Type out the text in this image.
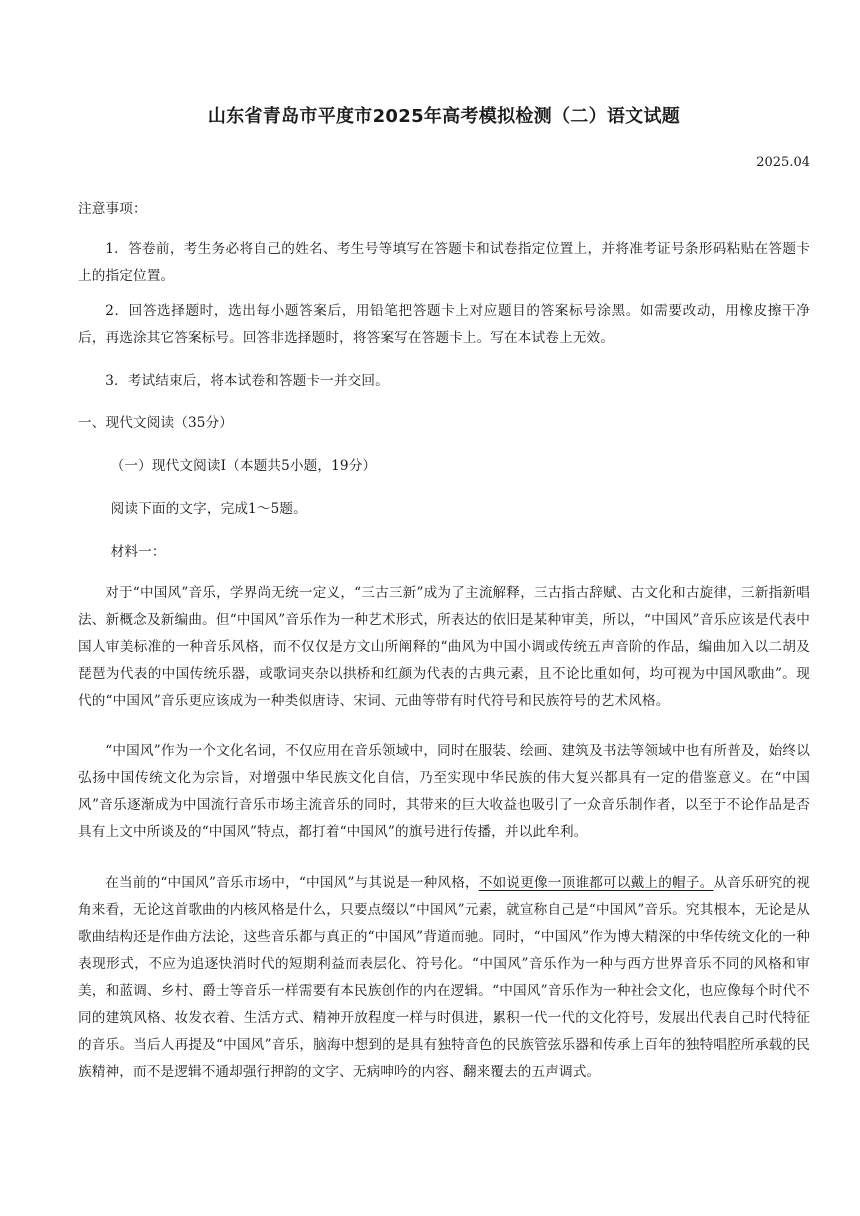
山东省青岛市平度市2025年高考模拟检测（二）语文试题
2025.04
注意事项：
1．答卷前，考生务必将自己的姓名、考生号等填写在答题卡和试卷指定位置上，并将准考证号条形码粘贴在答题卡上的指定位置。
2．回答选择题时，选出每小题答案后，用铅笔把答题卡上对应题目的答案标号涂黑。如需要改动，用橡皮擦干净后，再选涂其它答案标号。回答非选择题时，将答案写在答题卡上。写在本试卷上无效。
3．考试结束后，将本试卷和答题卡一并交回。
一、现代文阅读（35分）
（一）现代文阅读Ⅰ（本题共5小题，19分）
阅读下面的文字，完成1～5题。
材料一：
对于“中国风”音乐，学界尚无统一定义，“三古三新”成为了主流解释，三古指古辞赋、古文化和古旋律，三新指新唱法、新概念及新编曲。但“中国风”音乐作为一种艺术形式，所表达的依旧是某种审美，所以，“中国风”音乐应该是代表中国人审美标准的一种音乐风格，而不仅仅是方文山所阐释的“曲风为中国小调或传统五声音阶的作品，编曲加入以二胡及琵琶为代表的中国传统乐器，或歌词夹杂以拱桥和红颜为代表的古典元素，且不论比重如何，均可视为中国风歌曲”。现代的“中国风”音乐更应该成为一种类似唐诗、宋词、元曲等带有时代符号和民族符号的艺术风格。
“中国风”作为一个文化名词，不仅应用在音乐领域中，同时在服装、绘画、建筑及书法等领域中也有所普及，始终以弘扬中国传统文化为宗旨，对增强中华民族文化自信，乃至实现中华民族的伟大复兴都具有一定的借鉴意义。在“中国风”音乐逐渐成为中国流行音乐市场主流音乐的同时，其带来的巨大收益也吸引了一众音乐制作者，以至于不论作品是否具有上文中所谈及的“中国风”特点，都打着“中国风”的旗号进行传播，并以此牟利。
在当前的“中国风”音乐市场中，“中国风”与其说是一种风格，不如说更像一顶谁都可以戴上的帽子。从音乐研究的视角来看，无论这首歌曲的内核风格是什么，只要点缀以“中国风”元素，就宣称自己是“中国风”音乐。究其根本，无论是从歌曲结构还是作曲方法论，这些音乐都与真正的“中国风”背道而驰。同时，“中国风”作为博大精深的中华传统文化的一种表现形式，不应为追逐快消时代的短期利益而表层化、符号化。“中国风”音乐作为一种与西方世界音乐不同的风格和审美，和蓝调、乡村、爵士等音乐一样需要有本民族创作的内在逻辑。“中国风”音乐作为一种社会文化，也应像每个时代不同的建筑风格、妆发衣着、生活方式、精神开放程度一样与时俱进，累积一代一代的文化符号，发展出代表自己时代特征的音乐。当后人再提及“中国风”音乐，脑海中想到的是具有独特音色的民族管弦乐器和传承上百年的独特唱腔所承载的民族精神，而不是逻辑不通却强行押韵的文字、无病呻吟的内容、翻来覆去的五声调式。
